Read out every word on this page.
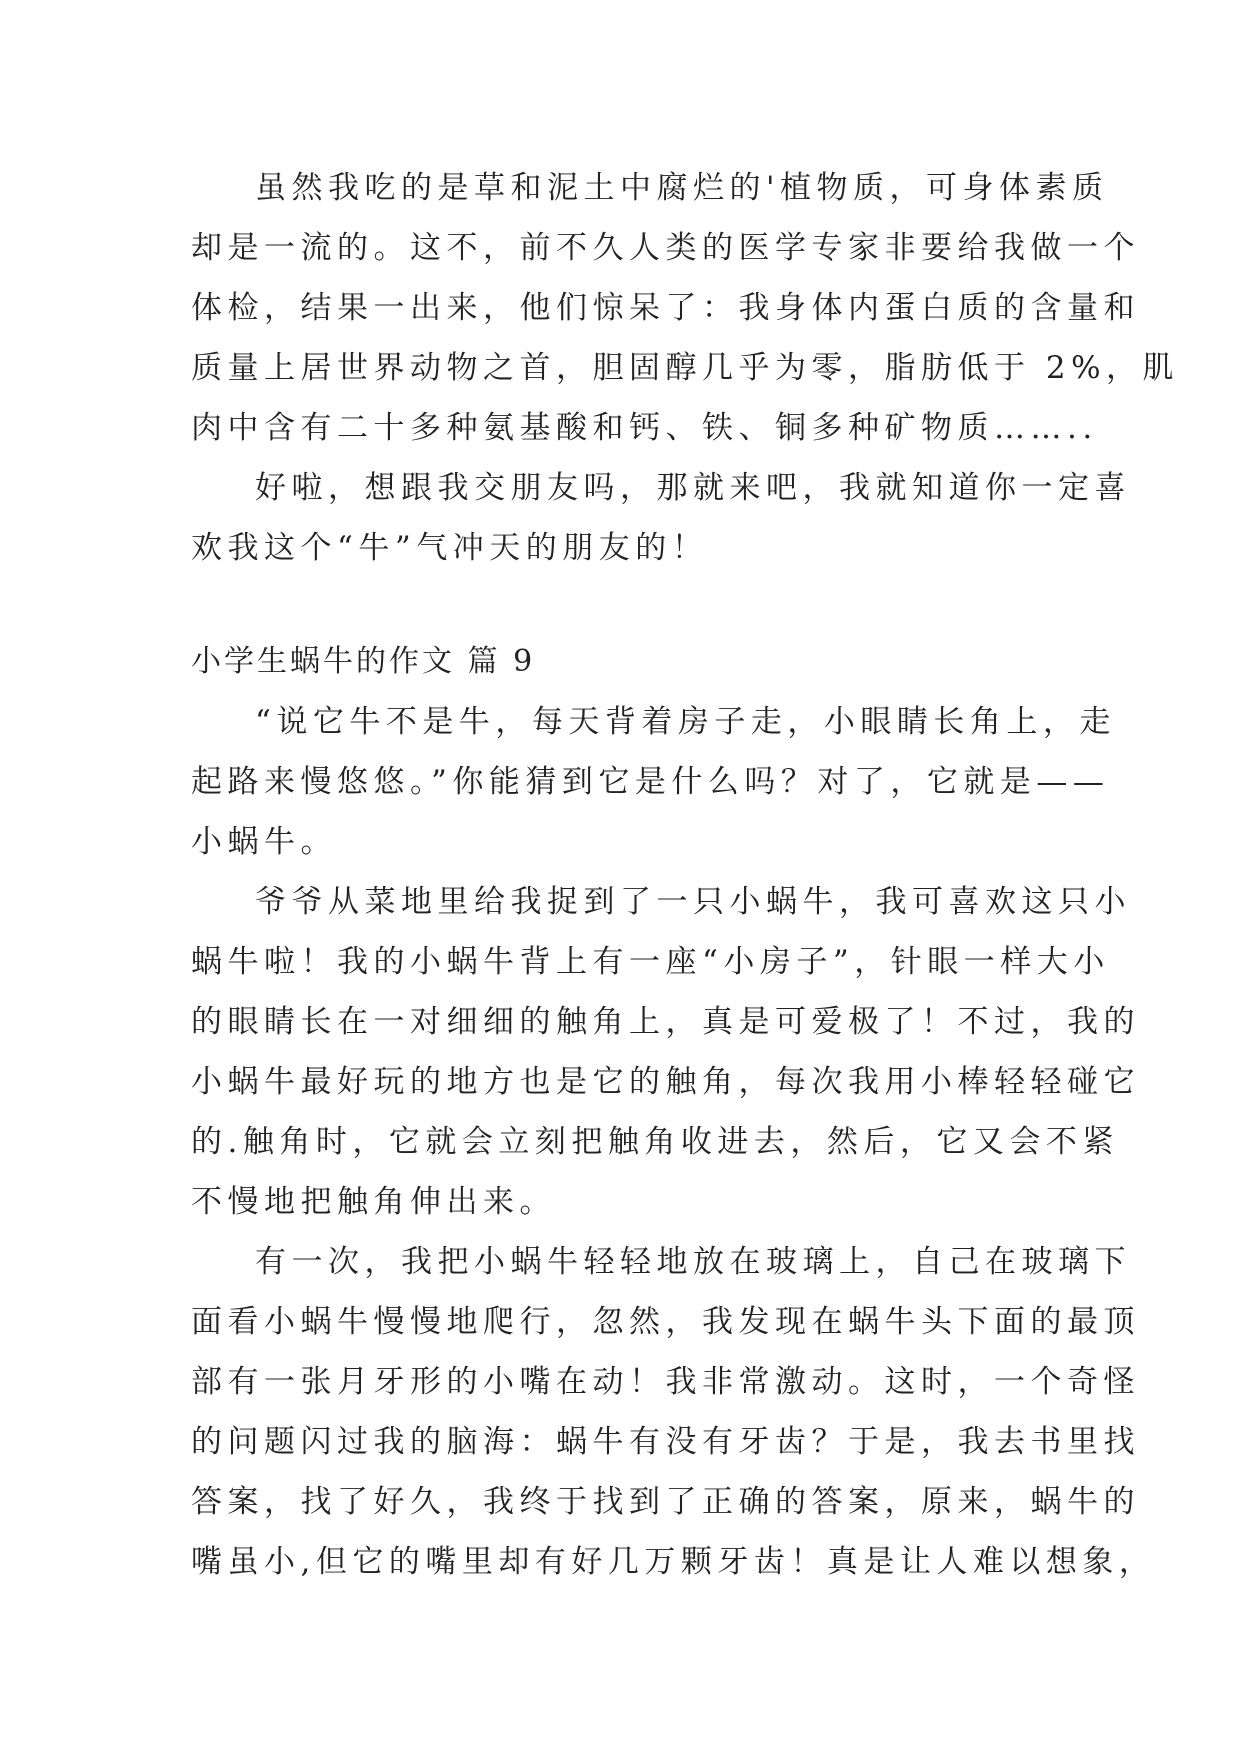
虽然我吃的是草和泥土中腐烂的'植物质，可身体素质
却是一流的。这不，前不久人类的医学专家非要给我做一个
体检，结果一出来，他们惊呆了：我身体内蛋白质的含量和
质量上居世界动物之首，胆固醇几乎为零，脂肪低于 2%，肌
肉中含有二十多种氨基酸和钙、铁、铜多种矿物质……..
好啦，想跟我交朋友吗，那就来吧，我就知道你一定喜
欢我这个“牛”气冲天的朋友的！
小学生蜗牛的作文 篇 9
“说它牛不是牛，每天背着房子走，小眼睛长角上，走
起路来慢悠悠。”你能猜到它是什么吗？对了，它就是——
小蜗牛。
爷爷从菜地里给我捉到了一只小蜗牛，我可喜欢这只小
蜗牛啦！我的小蜗牛背上有一座“小房子”，针眼一样大小
的眼睛长在一对细细的触角上，真是可爱极了！不过，我的
小蜗牛最好玩的地方也是它的触角，每次我用小棒轻轻碰它
的.触角时，它就会立刻把触角收进去，然后，它又会不紧
不慢地把触角伸出来。
有一次，我把小蜗牛轻轻地放在玻璃上，自己在玻璃下
面看小蜗牛慢慢地爬行，忽然，我发现在蜗牛头下面的最顶
部有一张月牙形的小嘴在动！我非常激动。这时，一个奇怪
的问题闪过我的脑海：蜗牛有没有牙齿？于是，我去书里找
答案，找了好久，我终于找到了正确的答案，原来，蜗牛的
嘴虽小,但它的嘴里却有好几万颗牙齿！真是让人难以想象，
